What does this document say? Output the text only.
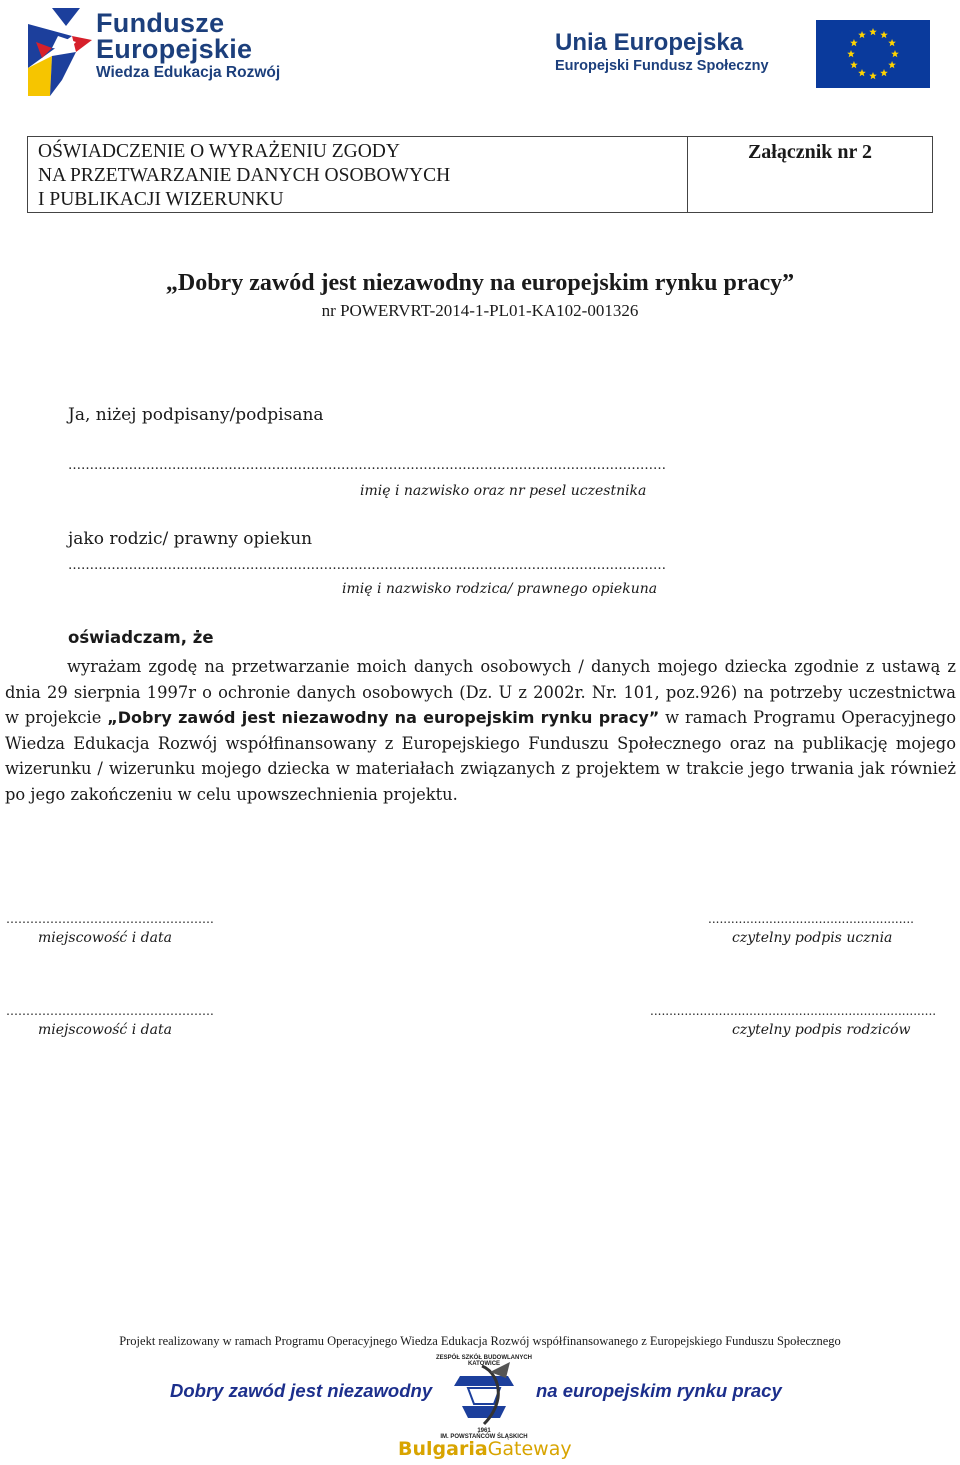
Fundusze
Europejskie
Wiedza Edukacja Rozwój
Unia Europejska
Europejski Fundusz Społeczny
OŚWIADCZENIE O WYRAŻENIU ZGODY
NA PRZETWARZANIE DANYCH OSOBOWYCH
I PUBLIKACJI WIZERUNKU
Załącznik nr 2
„Dobry zawód jest niezawodny na europejskim rynku pracy”
nr POWERVRT-2014-1-PL01-KA102-001326
Ja, niżej podpisany/podpisana
…………………………………………………………………………………………………………………………
imię i nazwisko oraz nr pesel uczestnika
jako rodzic/ prawny opiekun
…………………………………………………………………………………………………………………………
imię i nazwisko rodzica/ prawnego opiekuna
oświadczam, że
wyrażam zgodę na przetwarzanie moich danych osobowych / danych mojego dziecka zgodnie z ustawą z dnia 29 sierpnia 1997r o ochronie danych osobowych (Dz. U z 2002r. Nr. 101, poz.926) na potrzeby uczestnictwa w projekcie „Dobry zawód jest niezawodny na europejskim rynku pracy” w ramach Programu Operacyjnego Wiedza Edukacja Rozwój współfinansowany z Europejskiego Funduszu Społecznego oraz na publikację mojego wizerunku / wizerunku mojego dziecka w materiałach związanych z projektem w trakcie jego trwania jak również po jego zakończeniu w celu upowszechnienia projektu.
…………………………………………….
miejscowość i data
......................................................
czytelny podpis ucznia
…………………………………………….
miejscowość i data
...........................................................................
czytelny podpis rodziców
Projekt realizowany w ramach Programu Operacyjnego Wiedza Edukacja Rozwój współfinansowanego z Europejskiego Funduszu Społecznego
Dobry zawód jest niezawodny	na europejskim rynku pracy
ZESPÓŁ SZKÓŁ BUDOWLANYCH
KATOWICE
1961
IM. POWSTAŃCÓW ŚLĄSKICH
BulgariaGateway
